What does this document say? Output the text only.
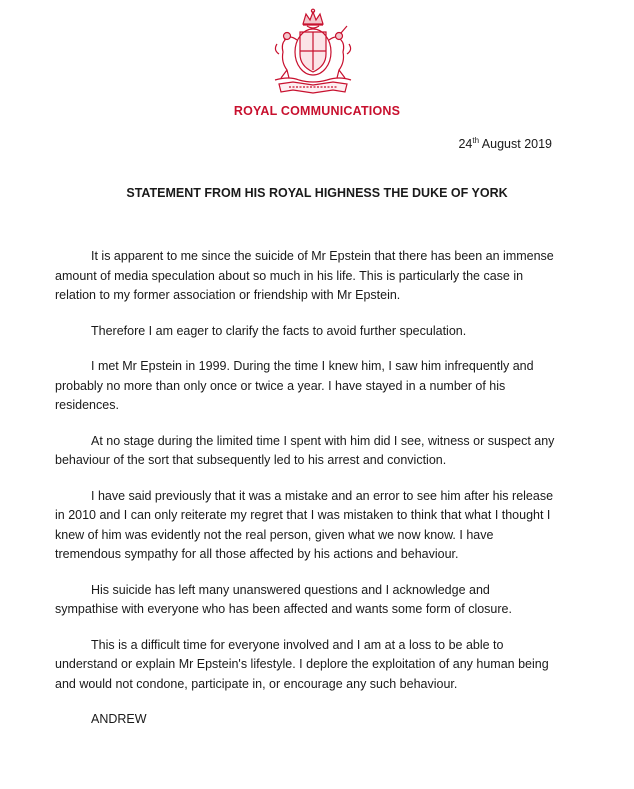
ROYAL COMMUNICATIONS
24th August 2019
STATEMENT FROM HIS ROYAL HIGHNESS THE DUKE OF YORK

It is apparent to me since the suicide of Mr Epstein that there has been an immense amount of media speculation about so much in his life. This is particularly the case in relation to my former association or friendship with Mr Epstein.

Therefore I am eager to clarify the facts to avoid further speculation.

I met Mr Epstein in 1999. During the time I knew him, I saw him infrequently and probably no more than only once or twice a year. I have stayed in a number of his residences.

At no stage during the limited time I spent with him did I see, witness or suspect any behaviour of the sort that subsequently led to his arrest and conviction.

I have said previously that it was a mistake and an error to see him after his release in 2010 and I can only reiterate my regret that I was mistaken to think that what I thought I knew of him was evidently not the real person, given what we now know. I have tremendous sympathy for all those affected by his actions and behaviour.

His suicide has left many unanswered questions and I acknowledge and sympathise with everyone who has been affected and wants some form of closure.

This is a difficult time for everyone involved and I am at a loss to be able to understand or explain Mr Epstein's lifestyle. I deplore the exploitation of any human being and would not condone, participate in, or encourage any such behaviour.

ANDREW
